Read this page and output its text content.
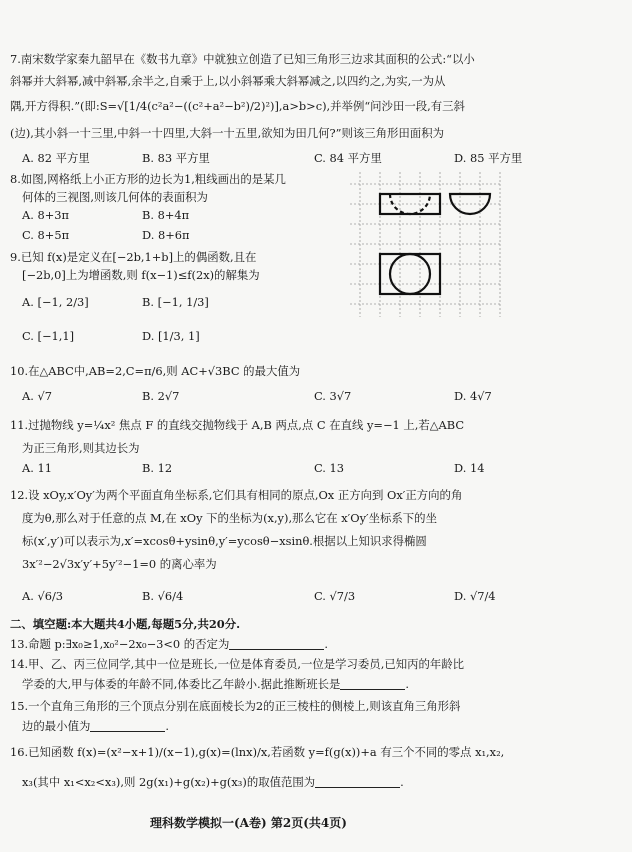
7.南宋数学家秦九韶早在《数书九章》中就独立创造了已知三角形三边求其面积的公式:“以小
斜幂并大斜幂,减中斜幂,余半之,自乘于上,以小斜幂乘大斜幂减之,以四约之,为实,一为从
隅,开方得积.”(即:S=√[1/4(c²a²−((c²+a²−b²)/2)²)],a>b>c),并举例“问沙田一段,有三斜
(边),其小斜一十三里,中斜一十四里,大斜一十五里,欲知为田几何?”则该三角形田面积为
A. 82 平方里	B. 83 平方里	C. 84 平方里	D. 85 平方里
8.如图,网格纸上小正方形的边长为1,粗线画出的是某几
何体的三视图,则该几何体的表面积为
A. 8+3π	B. 8+4π
C. 8+5π	D. 8+6π
9.已知 f(x)是定义在[−2b,1+b]上的偶函数,且在
[−2b,0]上为增函数,则 f(x−1)≤f(2x)的解集为
A. [−1, 2/3]	B. [−1, 1/3]
C. [−1,1]	D. [1/3, 1]
10.在△ABC中,AB=2,C=π/6,则 AC+√3BC 的最大值为
A. √7	B. 2√7	C. 3√7	D. 4√7
11.过抛物线 y=¼x² 焦点 F 的直线交抛物线于 A,B 两点,点 C 在直线 y=−1 上,若△ABC
为正三角形,则其边长为
A. 11	B. 12	C. 13	D. 14
12.设 xOy,x′Oy′为两个平面直角坐标系,它们具有相同的原点,Ox 正方向到 Ox′正方向的角
度为θ,那么对于任意的点 M,在 xOy 下的坐标为(x,y),那么它在 x′Oy′坐标系下的坐
标(x′,y′)可以表示为,x′=xcosθ+ysinθ,y′=ycosθ−xsinθ.根据以上知识求得椭圆
3x′²−2√3x′y′+5y′²−1=0 的离心率为
A. √6/3	B. √6/4	C. √7/3	D. √7/4
二、填空题:本大题共4小题,每题5分,共20分.
13.命题 p:∃x₀≥1,x₀²−2x₀−3<0 的否定为	.
14.甲、乙、丙三位同学,其中一位是班长,一位是体育委员,一位是学习委员,已知丙的年龄比
学委的大,甲与体委的年龄不同,体委比乙年龄小.据此推断班长是	.
15.一个直角三角形的三个顶点分别在底面棱长为2的正三棱柱的侧棱上,则该直角三角形斜
边的最小值为	.
16.已知函数 f(x)=(x²−x+1)/(x−1),g(x)=(lnx)/x,若函数 y=f(g(x))+a 有三个不同的零点 x₁,x₂,
x₃(其中 x₁<x₂<x₃),则 2g(x₁)+g(x₂)+g(x₃)的取值范围为	.
理科数学模拟一(A卷) 第2页(共4页)
